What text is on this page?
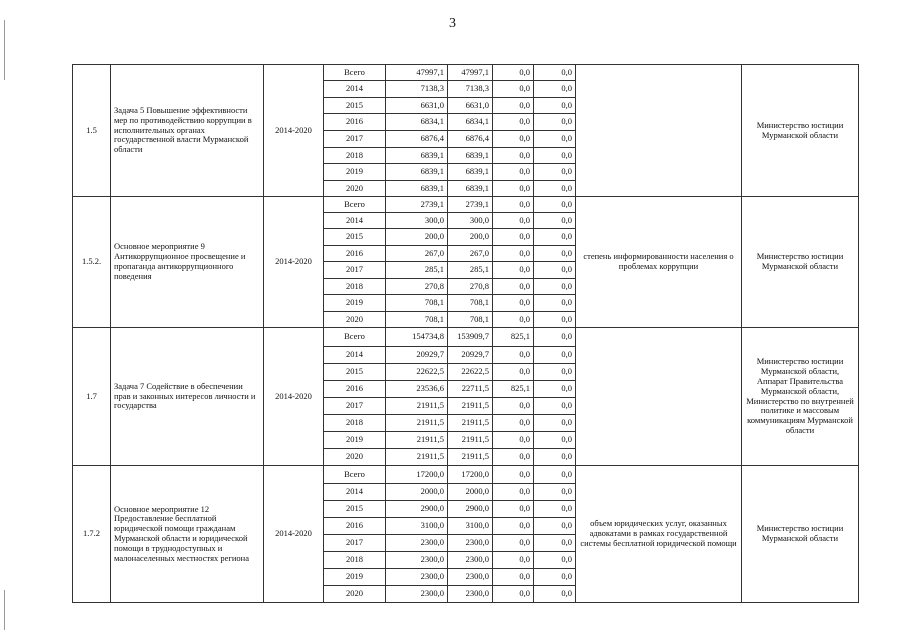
3
1.5	Задача 5 Повышение эффективности мер по противодействию коррупции в исполнительных органах государственной власти Мурманской области	2014-2020	Всего	47997,1	47997,1	0,0	0,0		Министерство юстиции Мурманской области
			2014	7138,3	7138,3	0,0	0,0		
			2015	6631,0	6631,0	0,0	0,0		
			2016	6834,1	6834,1	0,0	0,0		
			2017	6876,4	6876,4	0,0	0,0		
			2018	6839,1	6839,1	0,0	0,0		
			2019	6839,1	6839,1	0,0	0,0		
			2020	6839,1	6839,1	0,0	0,0		
1.5.2.	Основное мероприятие 9 Антикоррупционное просвещение и пропаганда антикоррупционного поведения	2014-2020	Всего	2739,1	2739,1	0,0	0,0	степень информированности населения о проблемах коррупции	Министерство юстиции Мурманской области
			2014	300,0	300,0	0,0	0,0		
			2015	200,0	200,0	0,0	0,0		
			2016	267,0	267,0	0,0	0,0		
			2017	285,1	285,1	0,0	0,0		
			2018	270,8	270,8	0,0	0,0		
			2019	708,1	708,1	0,0	0,0		
			2020	708,1	708,1	0,0	0,0		
1.7	Задача 7 Содействие в обеспечении прав и законных интересов личности и государства	2014-2020	Всего	154734,8	153909,7	825,1	0,0		Министерство юстиции Мурманской области, Аппарат Правительства Мурманской области, Министерство по внутренней политике и массовым коммуникациям Мурманской области
			2014	20929,7	20929,7	0,0	0,0		
			2015	22622,5	22622,5	0,0	0,0		
			2016	23536,6	22711,5	825,1	0,0		
			2017	21911,5	21911,5	0,0	0,0		
			2018	21911,5	21911,5	0,0	0,0		
			2019	21911,5	21911,5	0,0	0,0		
			2020	21911,5	21911,5	0,0	0,0		
1.7.2	Основное мероприятие 12 Предоставление бесплатной юридической помощи гражданам Мурманской области и юридической помощи в труднодоступных и малонаселенных местностях региона	2014-2020	Всего	17200,0	17200,0	0,0	0,0	объем юридических услуг, оказанных адвокатами в рамках государственной системы бесплатной юридической помощи	Министерство юстиции Мурманской области
			2014	2000,0	2000,0	0,0	0,0		
			2015	2900,0	2900,0	0,0	0,0		
			2016	3100,0	3100,0	0,0	0,0		
			2017	2300,0	2300,0	0,0	0,0		
			2018	2300,0	2300,0	0,0	0,0		
			2019	2300,0	2300,0	0,0	0,0		
			2020	2300,0	2300,0	0,0	0,0		
